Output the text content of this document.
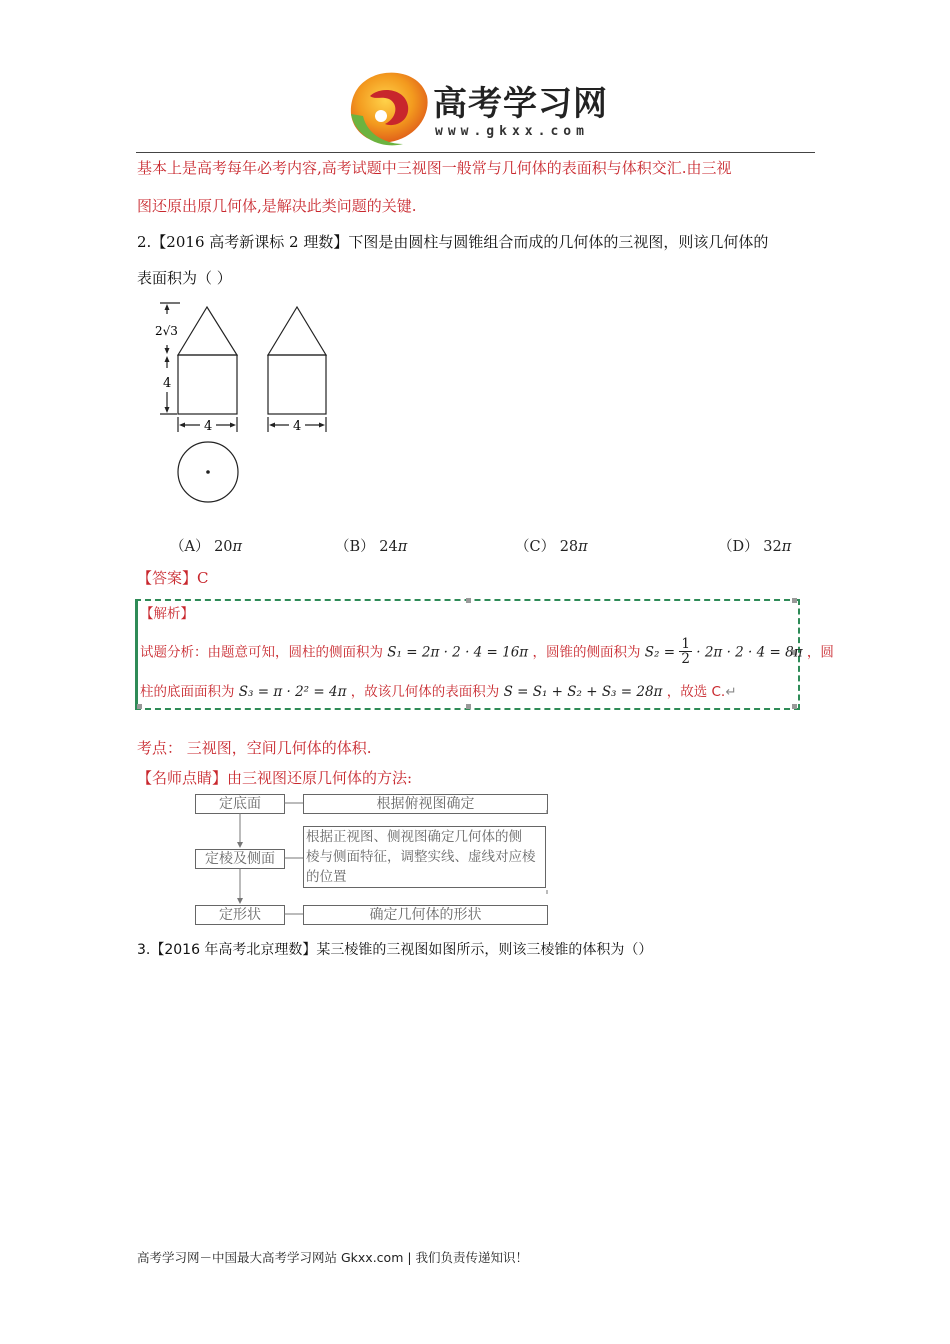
高考学习网
www.gkxx.com
基本上是高考每年必考内容,高考试题中三视图一般常与几何体的表面积与体积交汇.由三视
图还原出原几何体,是解决此类问题的关键.
2.【2016 高考新课标 2 理数】下图是由圆柱与圆锥组合而成的几何体的三视图，则该几何体的
表面积为（ ）
2√3
4
4	4
（A） 20π	（B） 24π	（C） 28π	（D） 32π
【答案】C
【解析】
试题分析：由题意可知，圆柱的侧面积为 S₁ = 2π · 2 · 4 = 16π ，圆锥的侧面积为 $S_2 = \frac{1}{2} \cdot 2\pi \cdot 2 \cdot 4 = 8\pi$ ，圆
柱的底面面积为 S₃ = π · 2² = 4π ，故该几何体的表面积为 S = S₁ + S₂ + S₃ = 28π ，故选 C.↵
考点： 三视图，空间几何体的体积.
【名师点睛】由三视图还原几何体的方法:
定底面
定棱及侧面
定形状
根据俯视图确定
根据正视图、侧视图确定几何体的侧
棱与侧面特征，调整实线、虚线对应棱
的位置
确定几何体的形状
3.【2016 年高考北京理数】某三棱锥的三视图如图所示，则该三棱锥的体积为（）
高考学习网－中国最大高考学习网站 Gkxx.com | 我们负责传递知识！
